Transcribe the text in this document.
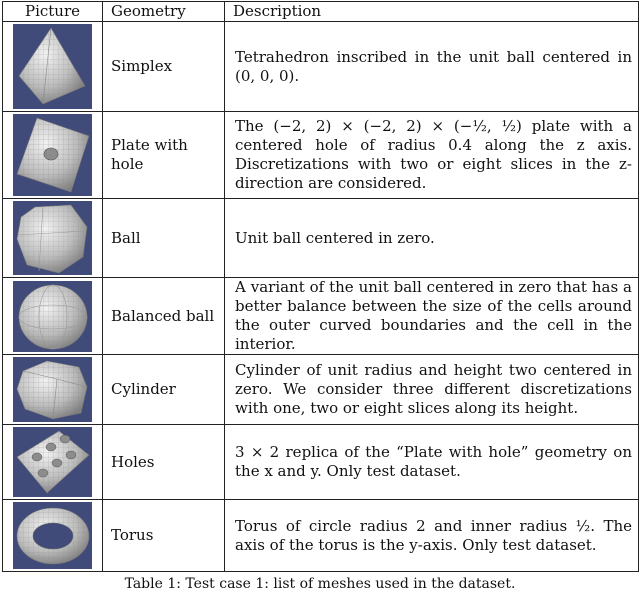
Picture	Geometry	Description

	Simplex	Tetrahedron inscribed in the unit ball centered in (0, 0, 0).

	Plate with hole	The (−2, 2) × (−2, 2) × (−½, ½) plate with a centered hole of radius 0.4 along the z axis. Discretizations with two or eight slices in the z-direction are considered.

	Ball	Unit ball centered in zero.

	Balanced ball	A variant of the unit ball centered in zero that has a better balance between the size of the cells around the outer curved boundaries and the cell in the interior.

	Cylinder	Cylinder of unit radius and height two centered in zero. We consider three different discretizations with one, two or eight slices along its height.

	Holes	3 × 2 replica of the “Plate with hole” geometry on the x and y. Only test dataset.

	Torus	Torus of circle radius 2 and inner radius ½. The axis of the torus is the y-axis. Only test dataset.
Table 1: Test case 1: list of meshes used in the dataset.
